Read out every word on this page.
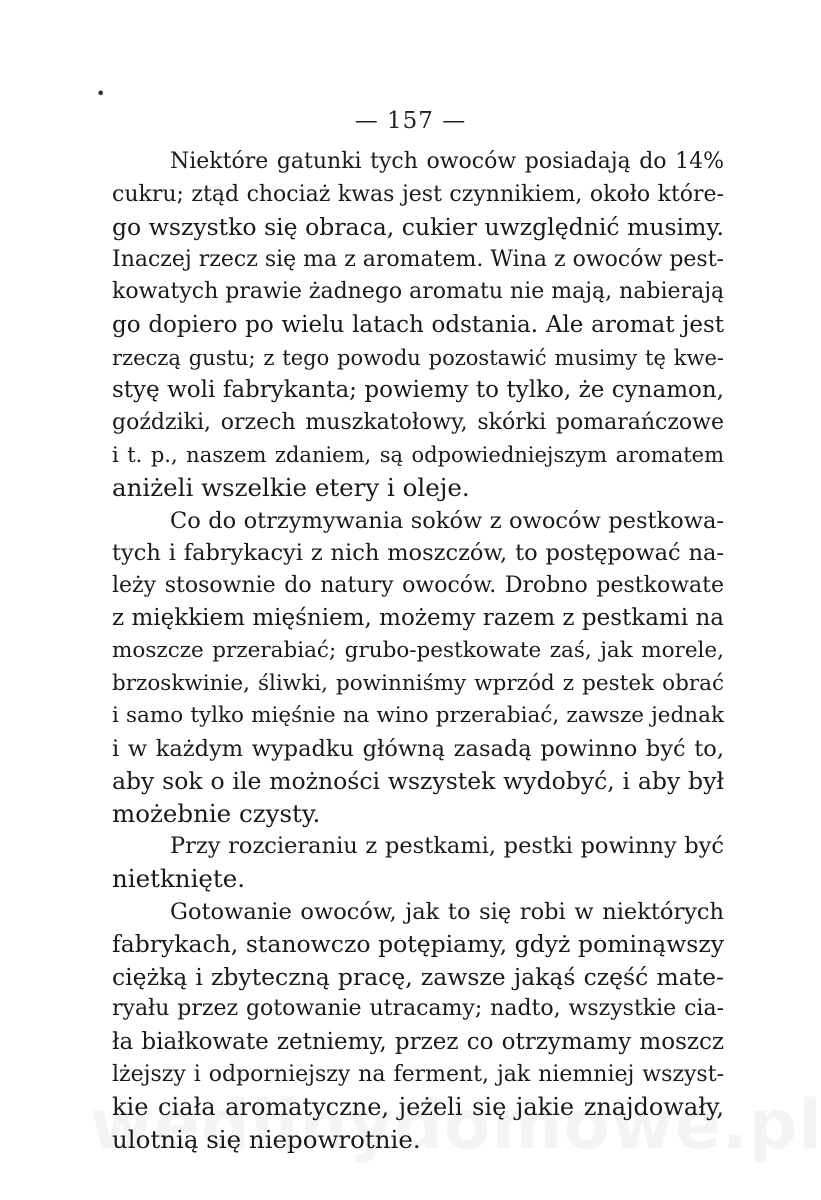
•
— 157 —
Niektóre gatunki tych owoców posiadają do 14%
cukru; ztąd chociaż kwas jest czynnikiem, około które-
go wszystko się obraca, cukier uwzględnić musimy.
Inaczej rzecz się ma z aromatem. Wina z owoców pest-
kowatych prawie żadnego aromatu nie mają, nabierają
go dopiero po wielu latach odstania. Ale aromat jest
rzeczą gustu; z tego powodu pozostawić musimy tę kwe-
styę woli fabrykanta; powiemy to tylko, że cynamon,
goździki, orzech muszkatołowy, skórki pomarańczowe
i t. p., naszem zdaniem, są odpowiedniejszym aromatem
aniżeli wszelkie etery i oleje.
Co do otrzymywania soków z owoców pestkowa-
tych i fabrykacyi z nich moszczów, to postępować na-
leży stosownie do natury owoców. Drobno pestkowate
z miękkiem mięśniem, możemy razem z pestkami na
moszcze przerabiać; grubo-pestkowate zaś, jak morele,
brzoskwinie, śliwki, powinniśmy wprzód z pestek obrać
i samo tylko mięśnie na wino przerabiać, zawsze jednak
i w każdym wypadku główną zasadą powinno być to,
aby sok o ile możności wszystek wydobyć, i aby był
możebnie czysty.
Przy rozcieraniu z pestkami, pestki powinny być
nietknięte.
Gotowanie owoców, jak to się robi w niektórych
fabrykach, stanowczo potępiamy, gdyż pominąwszy
ciężką i zbyteczną pracę, zawsze jakąś część mate-
ryału przez gotowanie utracamy; nadto, wszystkie cia-
ła białkowate zetniemy, przez co otrzymamy moszcz
lżejszy i odporniejszy na ferment, jak niemniej wszyst-
kie ciała aromatyczne, jeżeli się jakie znajdowały,
ulotnią się niepowrotnie.
